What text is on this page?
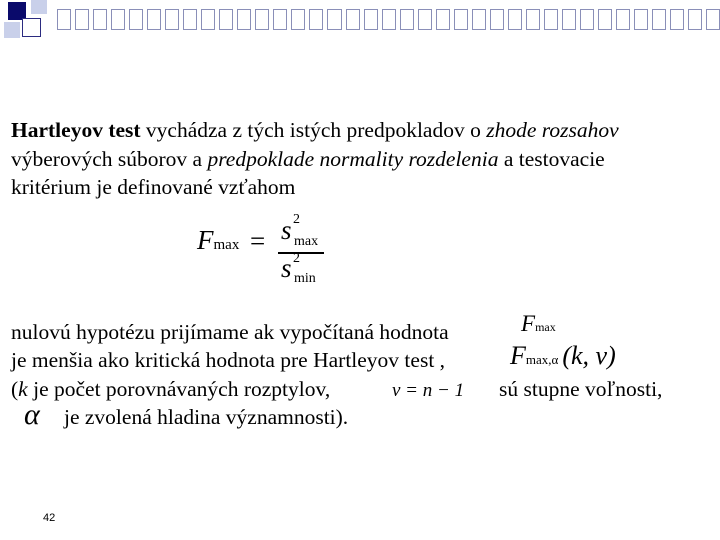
Hartleyov test vychádza z tých istých predpokladov o zhode rozsahov
výberových súborov a predpoklade normality rozdelenia a testovacie
kritérium je definované vzťahom
Fmax = s 2
max
s 2
min
nulovú hypotézu prijímame ak vypočítaná hodnota	Fmax
je menšia ako kritická hodnota pre Hartleyov test , Fmax,α (k, v)
(k je počet porovnávaných rozptylov,	v = n − 1 sú stupne voľnosti,
α je zvolená hladina významnosti).
42
